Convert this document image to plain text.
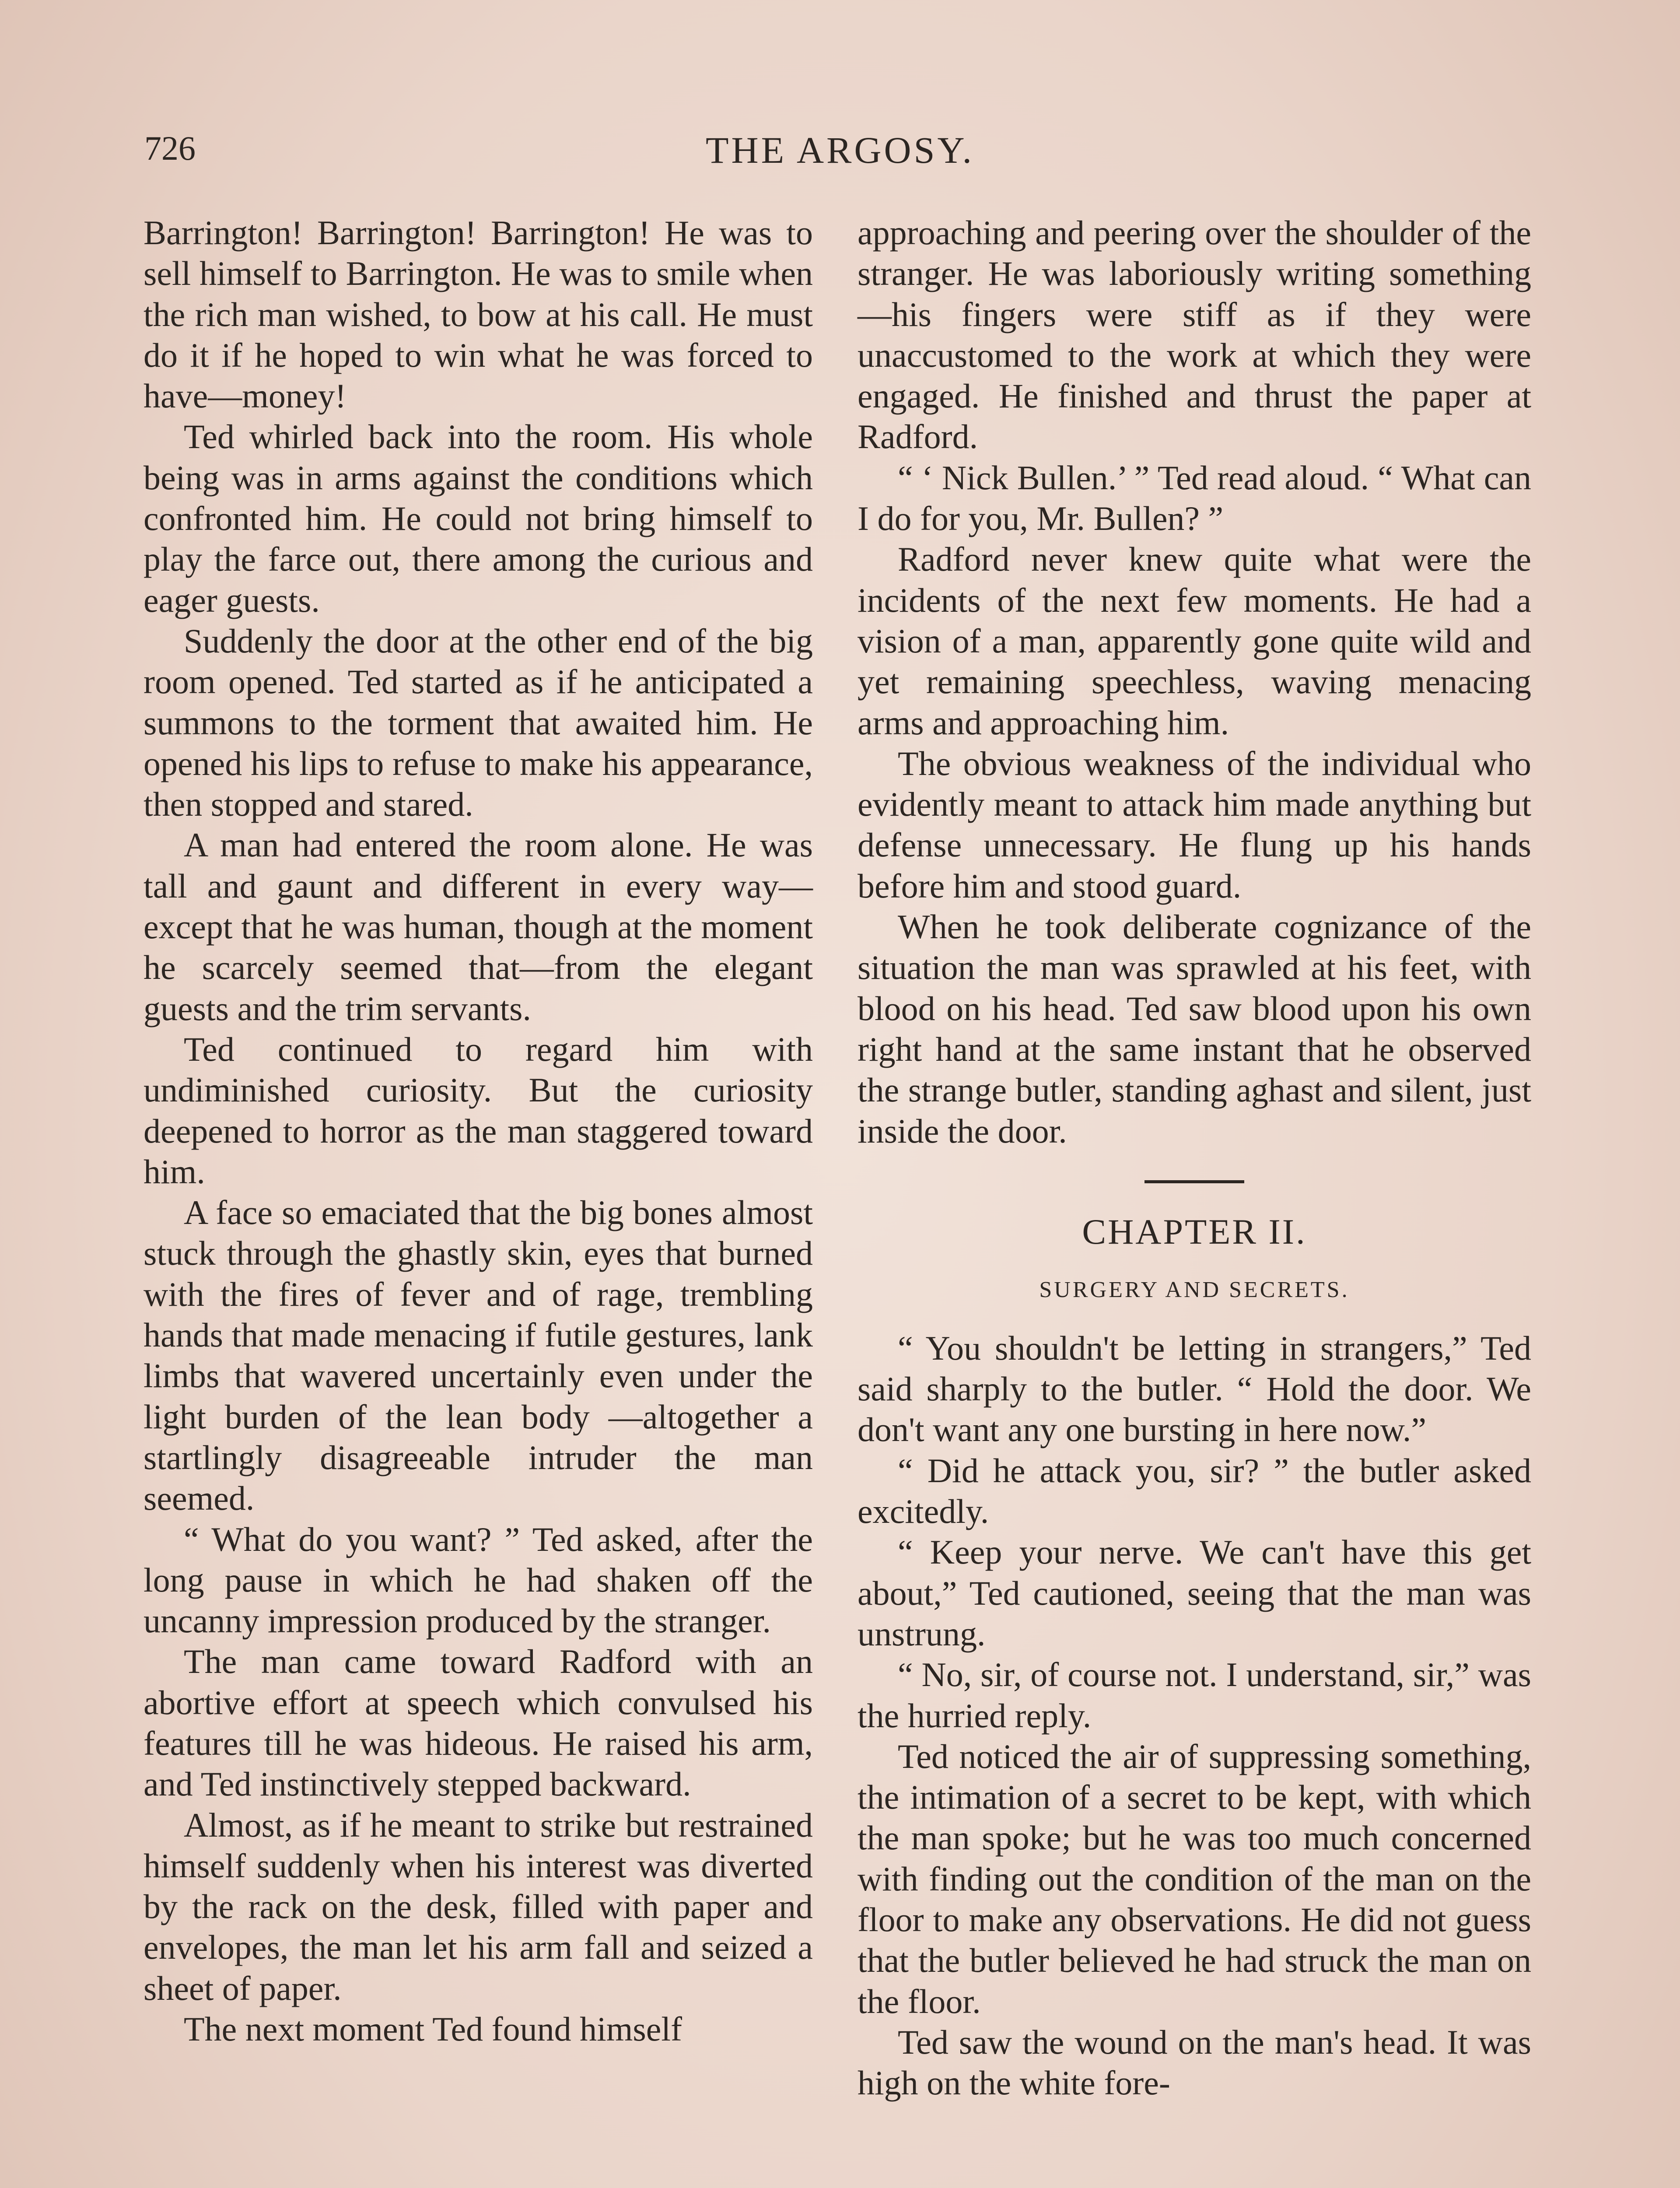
726	THE ARGOSY.

Barrington! Barrington! Barrington! He was to sell himself to Barrington. He was to smile when the rich man wished, to bow at his call. He must do it if he hoped to win what he was forced to have—money!

Ted whirled back into the room. His whole being was in arms against the conditions which confronted him. He could not bring himself to play the farce out, there among the curious and eager guests.

Suddenly the door at the other end of the big room opened. Ted started as if he anticipated a summons to the torment that awaited him. He opened his lips to refuse to make his appearance, then stopped and stared.

A man had entered the room alone. He was tall and gaunt and different in every way—except that he was human, though at the moment he scarcely seemed that—from the elegant guests and the trim servants.

Ted continued to regard him with undiminished curiosity. But the curiosity deepened to horror as the man staggered toward him.

A face so emaciated that the big bones almost stuck through the ghastly skin, eyes that burned with the fires of fever and of rage, trembling hands that made menacing if futile gestures, lank limbs that wavered uncertainly even under the light burden of the lean body —altogether a startlingly disagreeable intruder the man seemed.

“ What do you want? ” Ted asked, after the long pause in which he had shaken off the uncanny impression produced by the stranger.

The man came toward Radford with an abortive effort at speech which convulsed his features till he was hideous. He raised his arm, and Ted instinctively stepped backward.

Almost, as if he meant to strike but restrained himself suddenly when his interest was diverted by the rack on the desk, filled with paper and envelopes, the man let his arm fall and seized a sheet of paper.

The next moment Ted found himself

approaching and peering over the shoulder of the stranger. He was laboriously writing something—his fingers were stiff as if they were unaccustomed to the work at which they were engaged. He finished and thrust the paper at Radford.

“ ‘ Nick Bullen.’ ” Ted read aloud. “ What can I do for you, Mr. Bullen? ”

Radford never knew quite what were the incidents of the next few moments. He had a vision of a man, apparently gone quite wild and yet remaining speechless, waving menacing arms and approaching him.

The obvious weakness of the individual who evidently meant to attack him made anything but defense unnecessary. He flung up his hands before him and stood guard.

When he took deliberate cognizance of the situation the man was sprawled at his feet, with blood on his head. Ted saw blood upon his own right hand at the same instant that he observed the strange butler, standing aghast and silent, just inside the door.

CHAPTER II.
SURGERY AND SECRETS.

“ You shouldn't be letting in strangers,” Ted said sharply to the butler. “ Hold the door. We don't want any one bursting in here now.”

“ Did he attack you, sir? ” the butler asked excitedly.

“ Keep your nerve. We can't have this get about,” Ted cautioned, seeing that the man was unstrung.

“ No, sir, of course not. I understand, sir,” was the hurried reply.

Ted noticed the air of suppressing something, the intimation of a secret to be kept, with which the man spoke; but he was too much concerned with finding out the condition of the man on the floor to make any observations. He did not guess that the butler believed he had struck the man on the floor.

Ted saw the wound on the man's head. It was high on the white fore-
